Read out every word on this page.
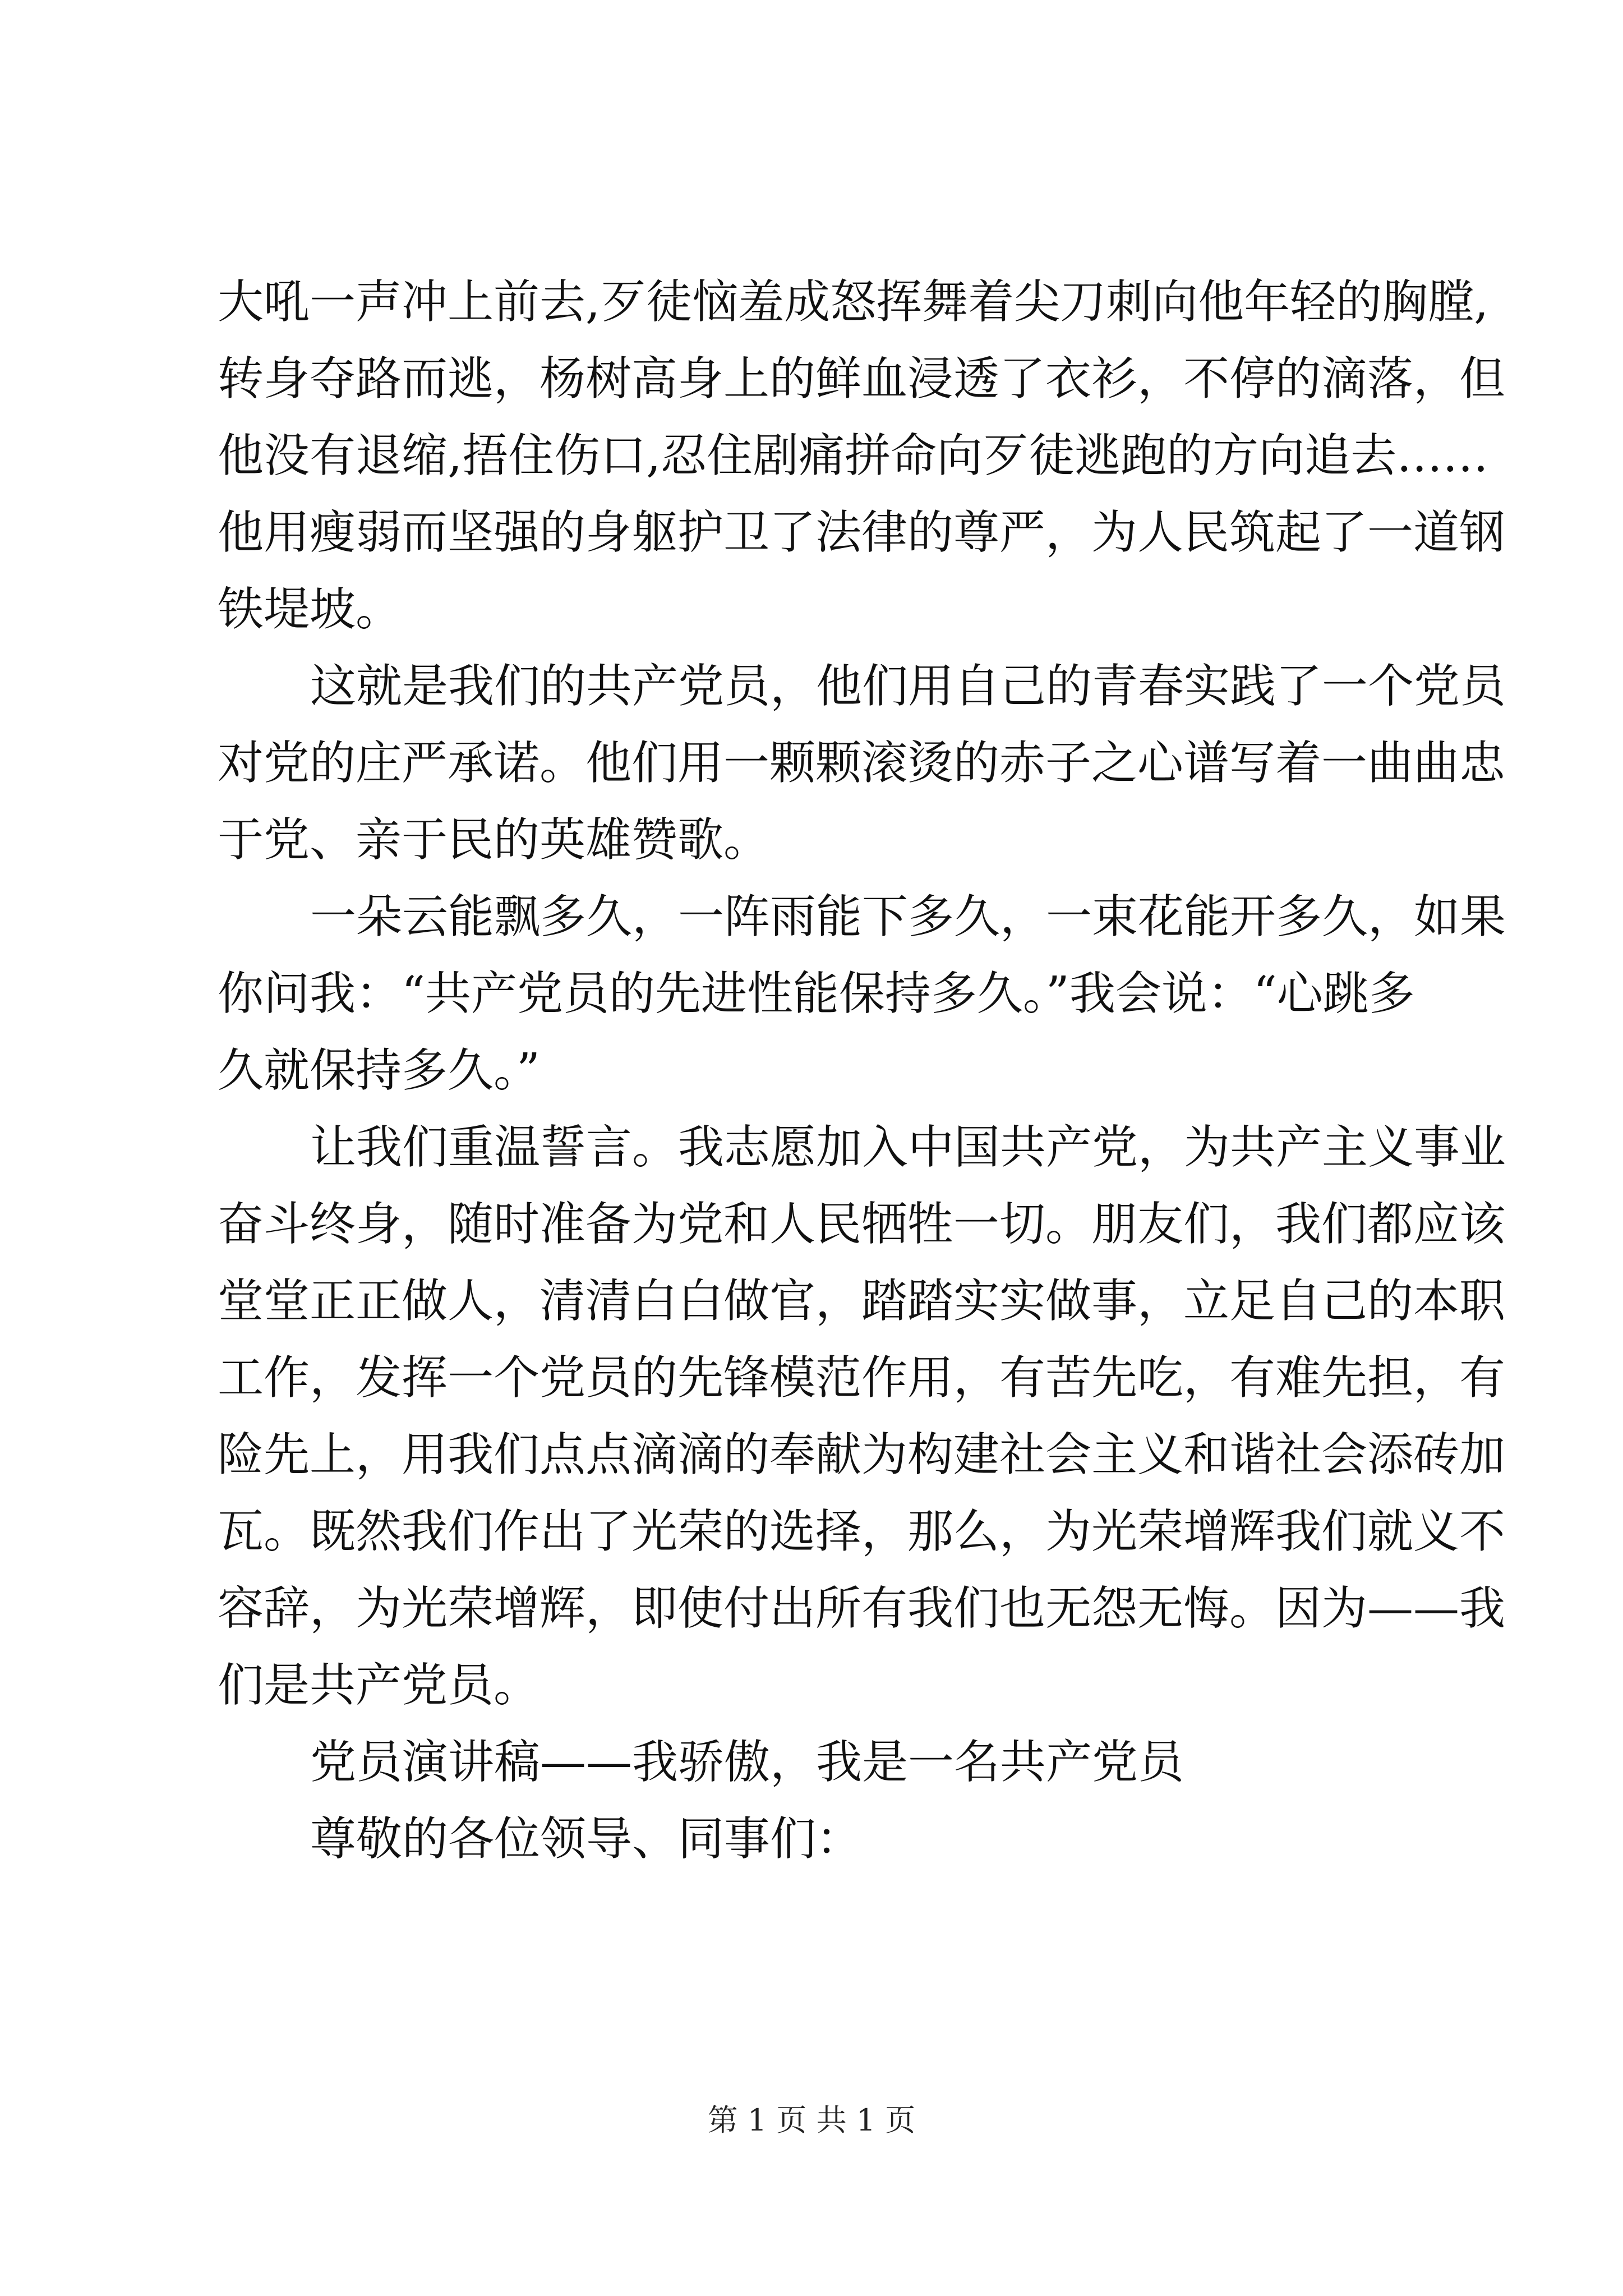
大吼一声冲上前去,歹徒恼羞成怒挥舞着尖刀刺向他年轻的胸膛,
转身夺路而逃，杨树高身上的鲜血浸透了衣衫，不停的滴落，但
他没有退缩,捂住伤口,忍住剧痛拼命向歹徒逃跑的方向追去……
他用瘦弱而坚强的身躯护卫了法律的尊严，为人民筑起了一道钢
铁堤坡。
这就是我们的共产党员，他们用自己的青春实践了一个党员
对党的庄严承诺。他们用一颗颗滚烫的赤子之心谱写着一曲曲忠
于党、亲于民的英雄赞歌。
一朵云能飘多久，一阵雨能下多久，一束花能开多久，如果
你问我：“共产党员的先进性能保持多久。”我会说：“心跳多
久就保持多久。”
让我们重温誓言。我志愿加入中国共产党，为共产主义事业
奋斗终身，随时准备为党和人民牺牲一切。朋友们，我们都应该
堂堂正正做人，清清白白做官，踏踏实实做事，立足自己的本职
工作，发挥一个党员的先锋模范作用，有苦先吃，有难先担，有
险先上，用我们点点滴滴的奉献为构建社会主义和谐社会添砖加
瓦。既然我们作出了光荣的选择，那么，为光荣增辉我们就义不
容辞，为光荣增辉，即使付出所有我们也无怨无悔。因为——我
们是共产党员。
党员演讲稿——我骄傲，我是一名共产党员
尊敬的各位领导、同事们：
第 1 页 共 1 页
